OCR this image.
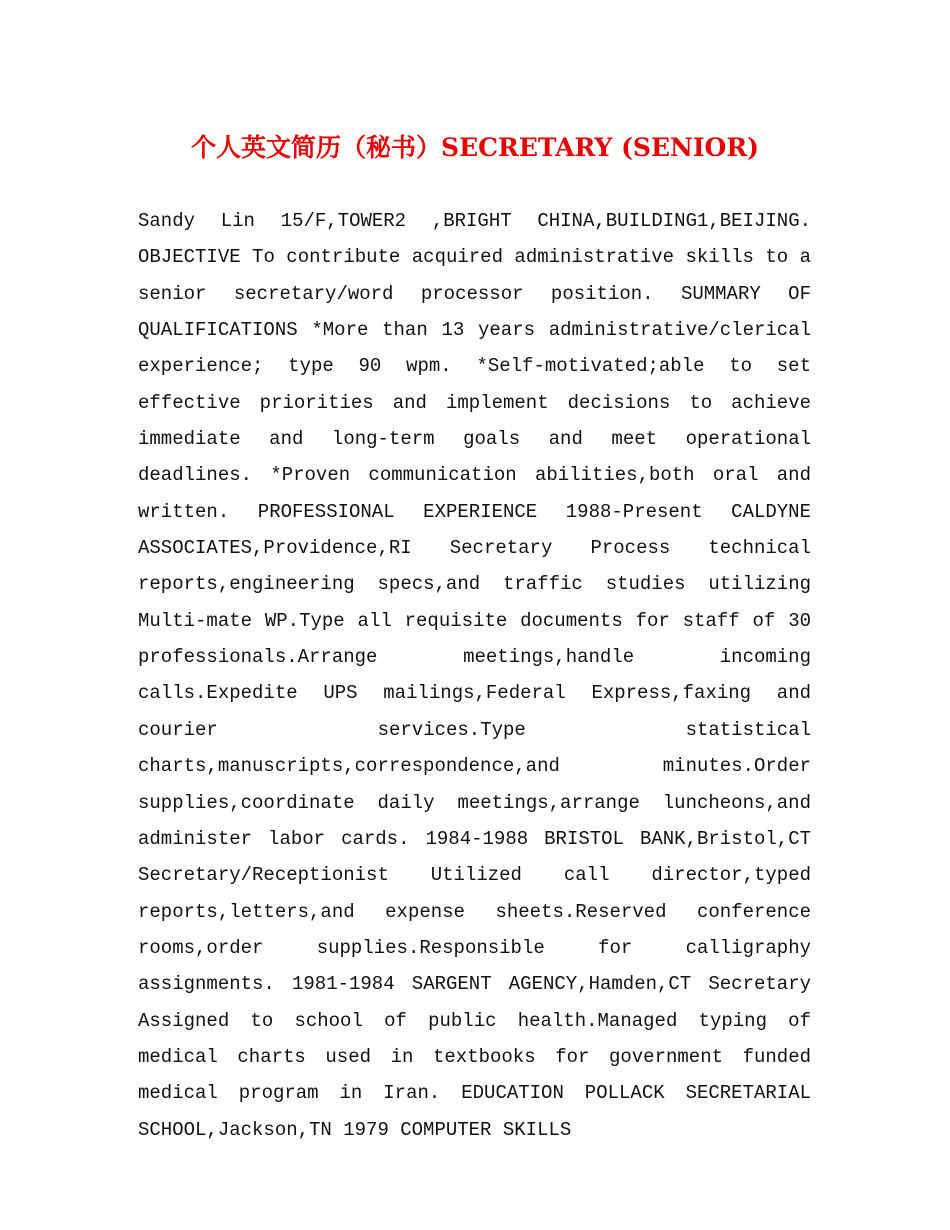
个人英文简历（秘书）SECRETARY (SENIOR)

Sandy Lin 15/F,TOWER2 ,BRIGHT CHINA,BUILDING1,BEIJING. OBJECTIVE To contribute acquired administrative skills to a senior secretary/word processor position. SUMMARY OF QUALIFICATIONS *More than 13 years administrative/clerical experience; type 90 wpm. *Self-motivated;able to set effective priorities and implement decisions to achieve immediate and long-term goals and meet operational deadlines. *Proven communication abilities,both oral and written. PROFESSIONAL EXPERIENCE 1988-Present CALDYNE ASSOCIATES,Providence,RI Secretary Process technical reports,engineering specs,and traffic studies utilizing Multi-mate WP.Type all requisite documents for staff of 30 professionals.Arrange meetings,handle incoming calls.Expedite UPS mailings,Federal Express,faxing and courier services.Type statistical charts,manuscripts,correspondence,and minutes.Order supplies,coordinate daily meetings,arrange luncheons,and administer labor cards. 1984-1988 BRISTOL BANK,Bristol,CT Secretary/Receptionist Utilized call director,typed reports,letters,and expense sheets.Reserved conference rooms,order supplies.Responsible for calligraphy assignments. 1981-1984 SARGENT AGENCY,Hamden,CT Secretary Assigned to school of public health.Managed typing of medical charts used in textbooks for government funded medical program in Iran. EDUCATION POLLACK SECRETARIAL SCHOOL,Jackson,TN 1979 COMPUTER SKILLS
